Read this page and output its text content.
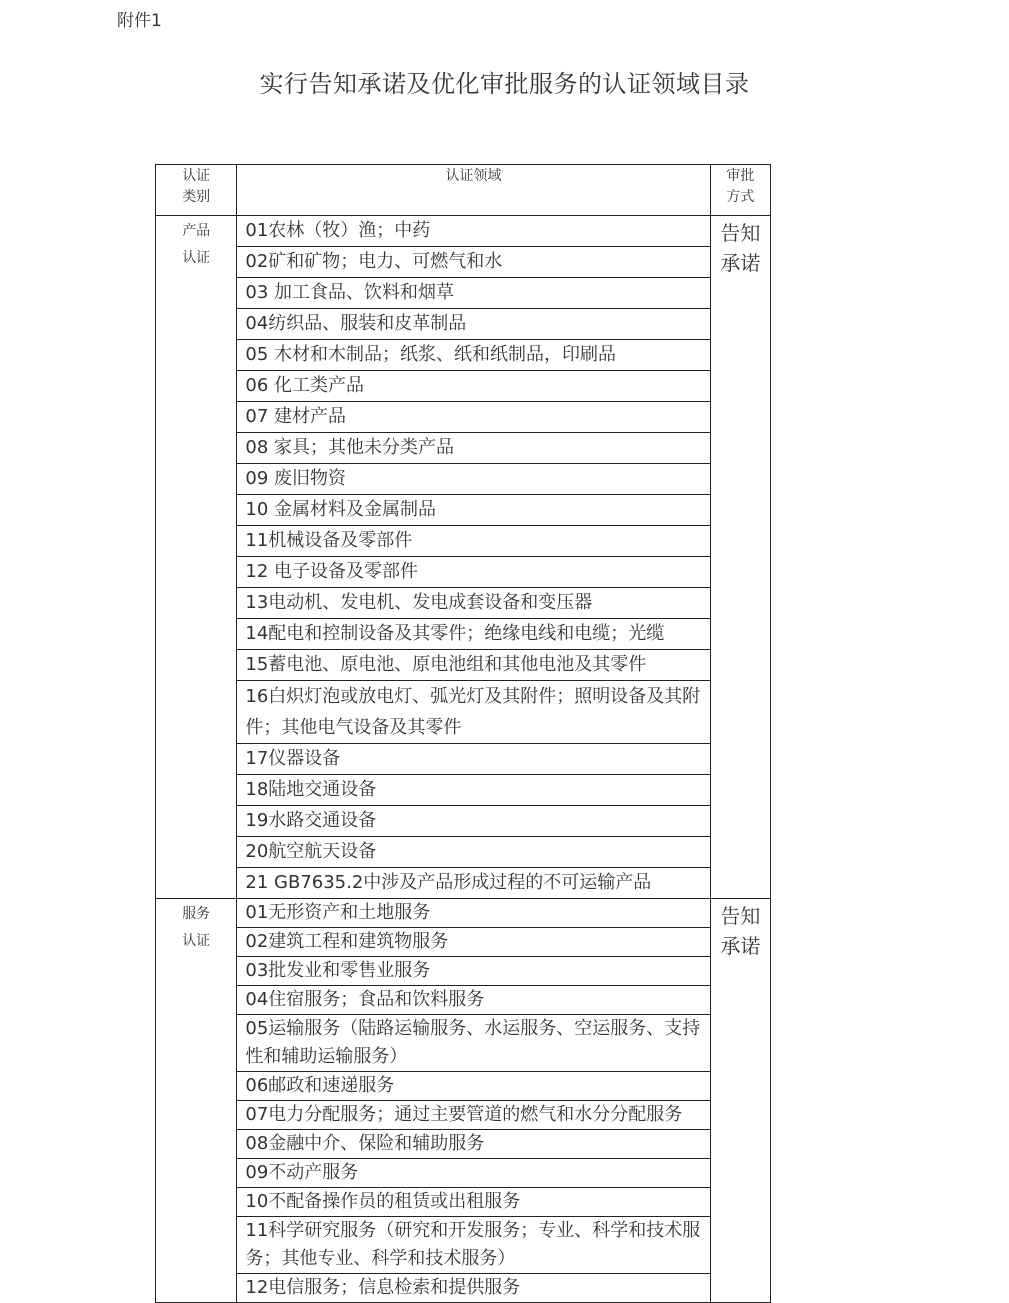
附件1
实行告知承诺及优化审批服务的认证领域目录
认证
类别	认证领域	审批
方式

产品
认证	01农林（牧）渔；中药	告知
承诺

	02矿和矿物；电力、可燃气和水	
	03 加工食品、饮料和烟草	
	04纺织品、服装和皮革制品	
	05 木材和木制品；纸浆、纸和纸制品，印刷品	
	06 化工类产品	
	07 建材产品	
	08 家具；其他未分类产品	
	09 废旧物资	
	10 金属材料及金属制品	
	11机械设备及零部件	
	12 电子设备及零部件	
	13电动机、发电机、发电成套设备和变压器	
	14配电和控制设备及其零件；绝缘电线和电缆；光缆	
	15蓄电池、原电池、原电池组和其他电池及其零件	
	16白炽灯泡或放电灯、弧光灯及其附件；照明设备及其附件；其他电气设备及其零件	
	17仪器设备	
	18陆地交通设备	
	19水路交通设备	
	20航空航天设备	
	21 GB7635.2中涉及产品形成过程的不可运输产品	

服务
认证	01无形资产和土地服务	告知
承诺

	02建筑工程和建筑物服务	
	03批发业和零售业服务	
	04住宿服务；食品和饮料服务	
	05运输服务（陆路运输服务、水运服务、空运服务、支持性和辅助运输服务）	
	06邮政和速递服务	
	07电力分配服务；通过主要管道的燃气和水分分配服务	
	08金融中介、保险和辅助服务	
	09不动产服务	
	10不配备操作员的租赁或出租服务	
	11科学研究服务（研究和开发服务；专业、科学和技术服务；其他专业、科学和技术服务）	
	12电信服务；信息检索和提供服务	
